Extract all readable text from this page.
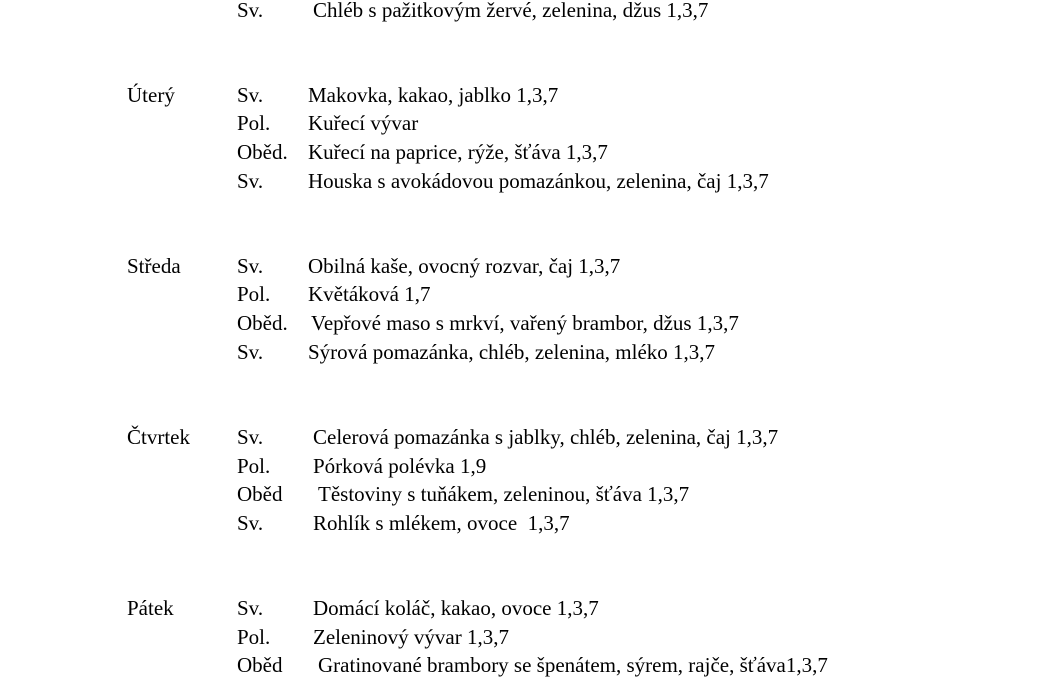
Sv. Chléb s pažitkovým žervé, zelenina, džus 1,3,7
Úterý	Sv. Makovka, kakao, jablko 1,3,7
Pol. Kuřecí vývar
Oběd. Kuřecí na paprice, rýže, šťáva 1,3,7
Sv. Houska s avokádovou pomazánkou, zelenina, čaj 1,3,7
Středa	Sv. Obilná kaše, ovocný rozvar, čaj 1,3,7
Pol. Květáková 1,7
Oběd. Vepřové maso s mrkví, vařený brambor, džus 1,3,7
Sv. Sýrová pomazánka, chléb, zelenina, mléko 1,3,7
Čtvrtek Sv. Celerová pomazánka s jablky, chléb, zelenina, čaj 1,3,7
Pol. Pórková polévka 1,9
Oběd Těstoviny s tuňákem, zeleninou, šťáva 1,3,7
Sv. Rohlík s mlékem, ovoce  1,3,7
Pátek	Sv. Domácí koláč, kakao, ovoce 1,3,7
Pol. Zeleninový vývar 1,3,7
Oběd Gratinované brambory se špenátem, sýrem, rajče, šťáva1,3,7
